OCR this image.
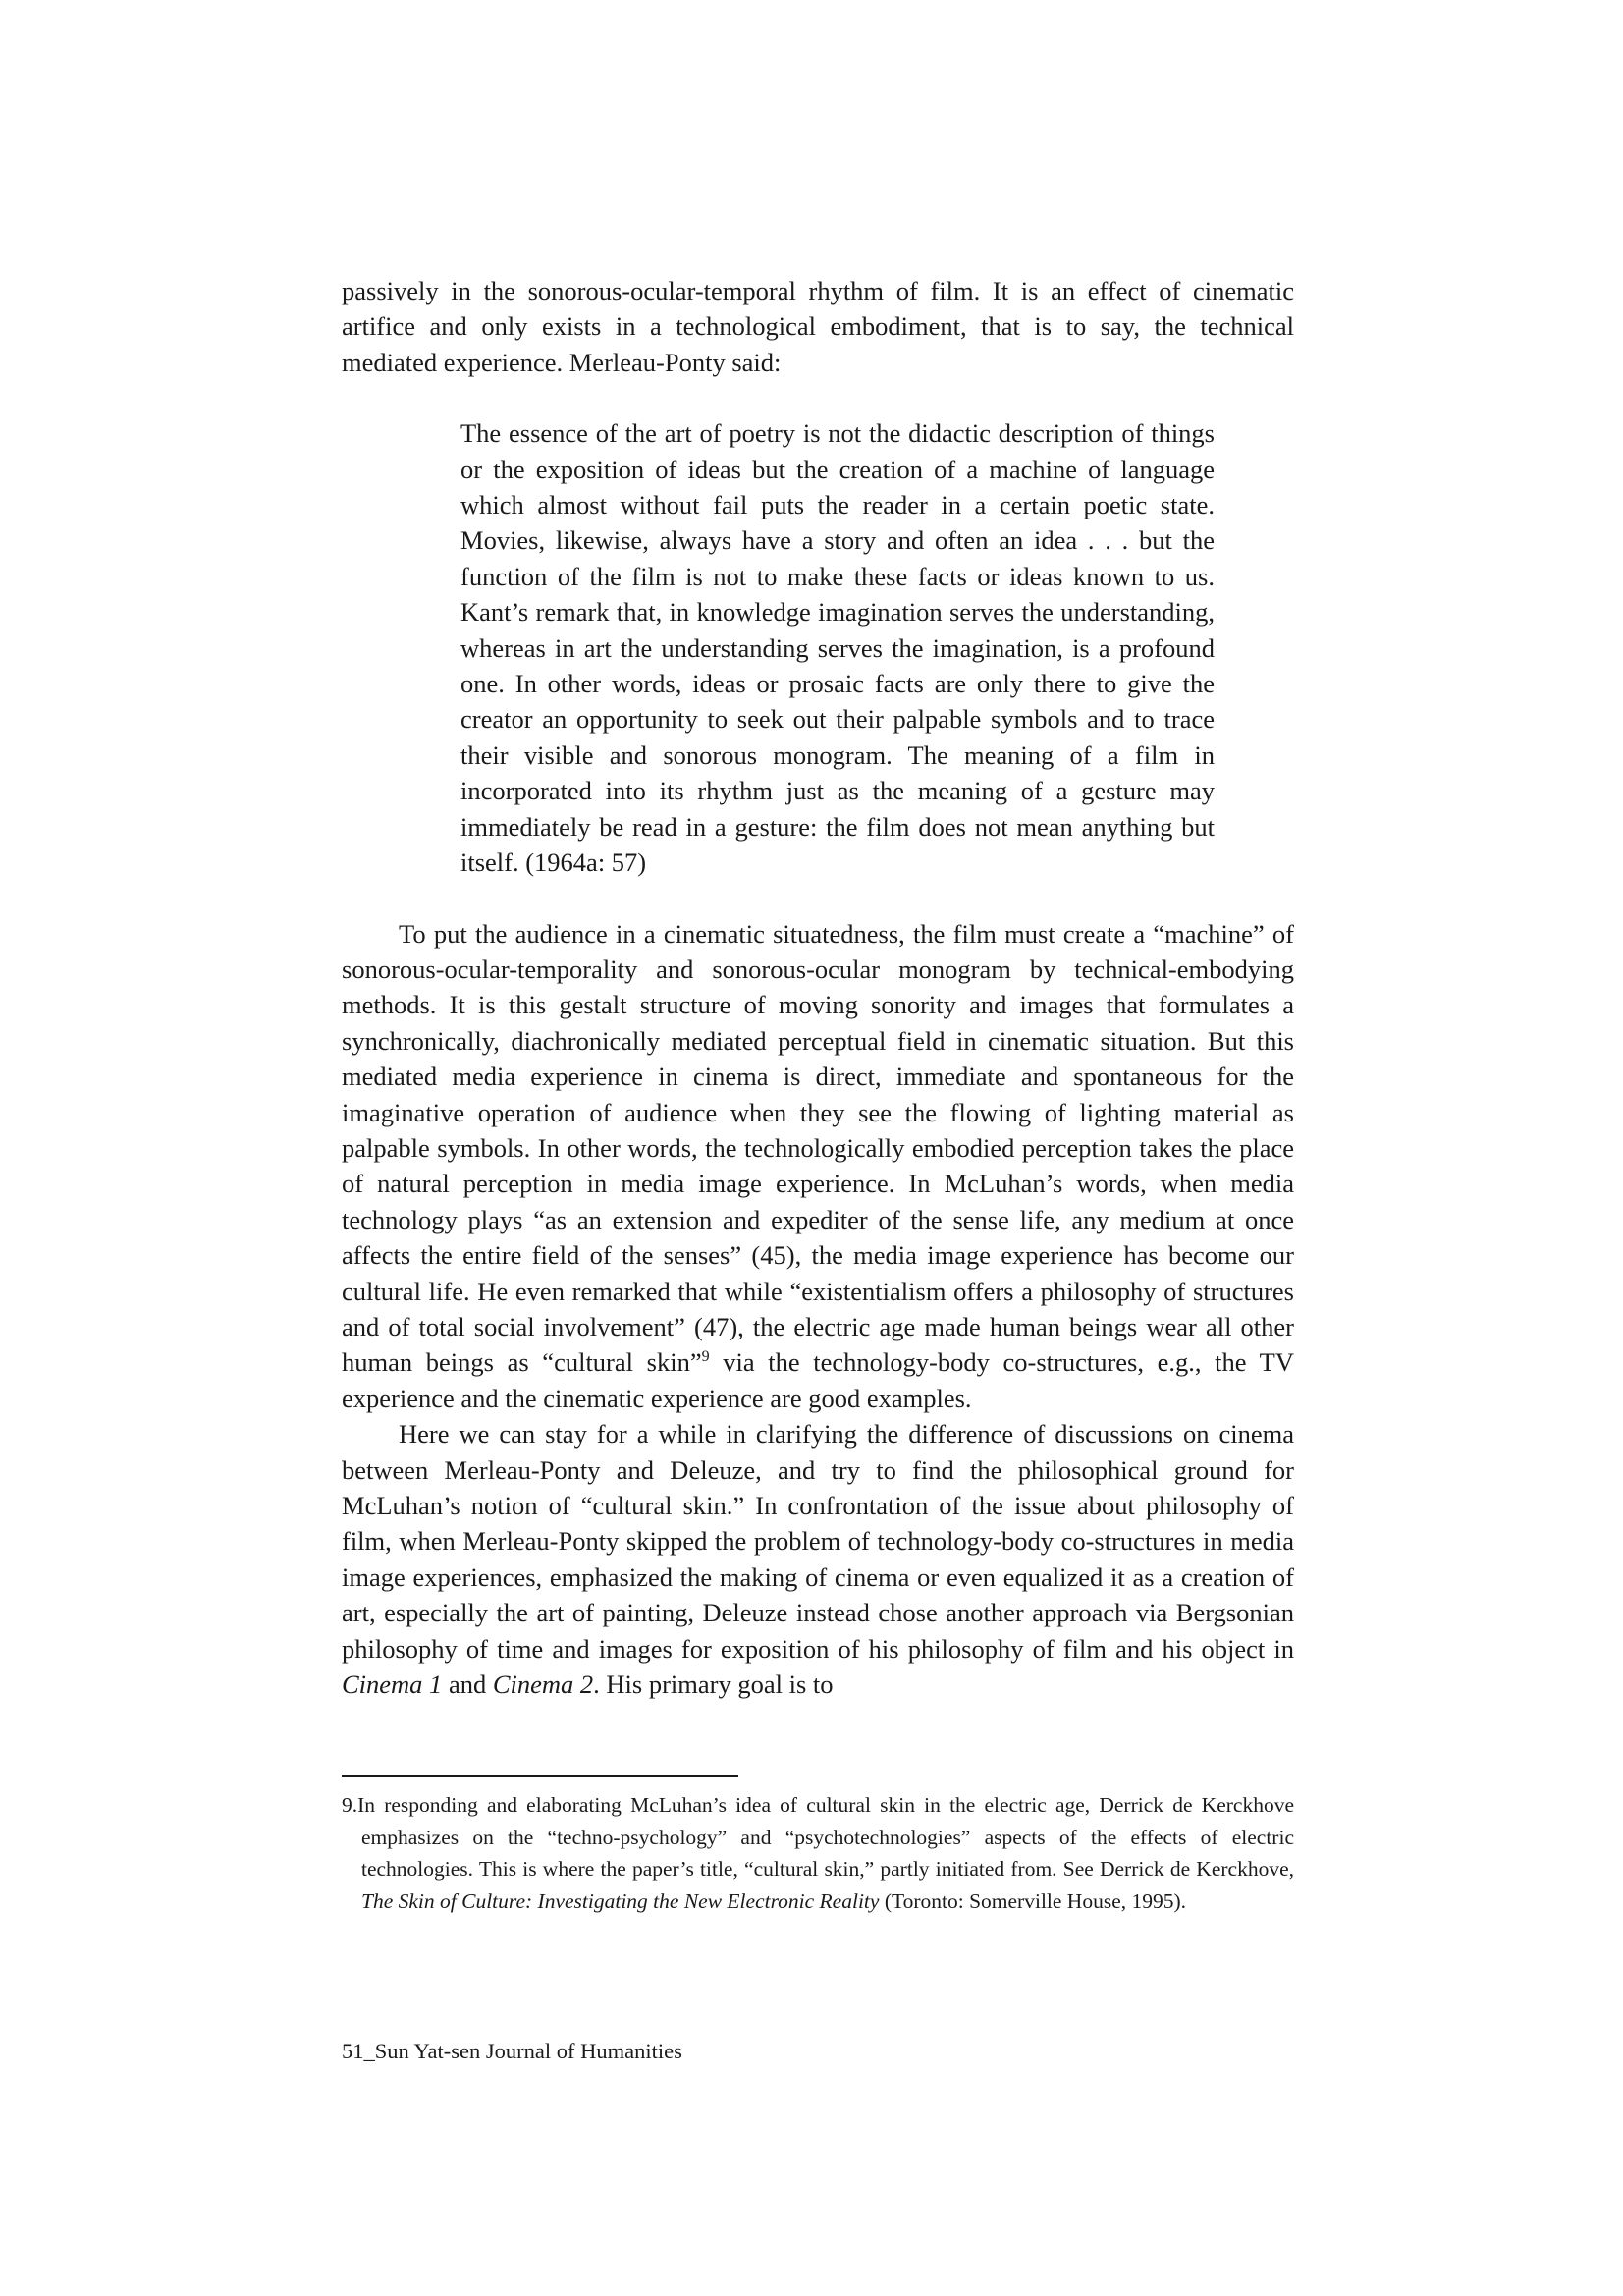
passively in the sonorous-ocular-temporal rhythm of film. It is an effect of cinematic artifice and only exists in a technological embodiment, that is to say, the technical mediated experience. Merleau-Ponty said:

The essence of the art of poetry is not the didactic description of things or the exposition of ideas but the creation of a machine of language which almost without fail puts the reader in a certain poetic state. Movies, likewise, always have a story and often an idea . . . but the function of the film is not to make these facts or ideas known to us. Kant’s remark that, in knowledge imagination serves the understanding, whereas in art the understanding serves the imagination, is a profound one. In other words, ideas or prosaic facts are only there to give the creator an opportunity to seek out their palpable symbols and to trace their visible and sonorous monogram. The meaning of a film in incorporated into its rhythm just as the meaning of a gesture may immediately be read in a gesture: the film does not mean anything but itself. (1964a: 57)

To put the audience in a cinematic situatedness, the film must create a “machine” of sonorous-ocular-temporality and sonorous-ocular monogram by technical-embodying methods. It is this gestalt structure of moving sonority and images that formulates a synchronically, diachronically mediated perceptual field in cinematic situation. But this mediated media experience in cinema is direct, immediate and spontaneous for the imaginative operation of audience when they see the flowing of lighting material as palpable symbols. In other words, the technologically embodied perception takes the place of natural perception in media image experience. In McLuhan’s words, when media technology plays “as an extension and expediter of the sense life, any medium at once affects the entire field of the senses” (45), the media image experience has become our cultural life. He even remarked that while “existentialism offers a philosophy of structures and of total social involvement” (47), the electric age made human beings wear all other human beings as “cultural skin”$^9$ via the technology-body co-structures, e.g., the TV experience and the cinematic experience are good examples.

Here we can stay for a while in clarifying the difference of discussions on cinema between Merleau-Ponty and Deleuze, and try to find the philosophical ground for McLuhan’s notion of “cultural skin.” In confrontation of the issue about philosophy of film, when Merleau-Ponty skipped the problem of technology-body co-structures in media image experiences, emphasized the making of cinema or even equalized it as a creation of art, especially the art of painting, Deleuze instead chose another approach via Bergsonian philosophy of time and images for exposition of his philosophy of film and his object in Cinema 1 and Cinema 2. His primary goal is to

9.In responding and elaborating McLuhan’s idea of cultural skin in the electric age, Derrick de Kerckhove emphasizes on the “techno-psychology” and “psychotechnologies” aspects of the effects of electric technologies. This is where the paper’s title, “cultural skin,” partly initiated from. See Derrick de Kerckhove, The Skin of Culture: Investigating the New Electronic Reality (Toronto: Somerville House, 1995).
51_Sun Yat-sen Journal of Humanities
